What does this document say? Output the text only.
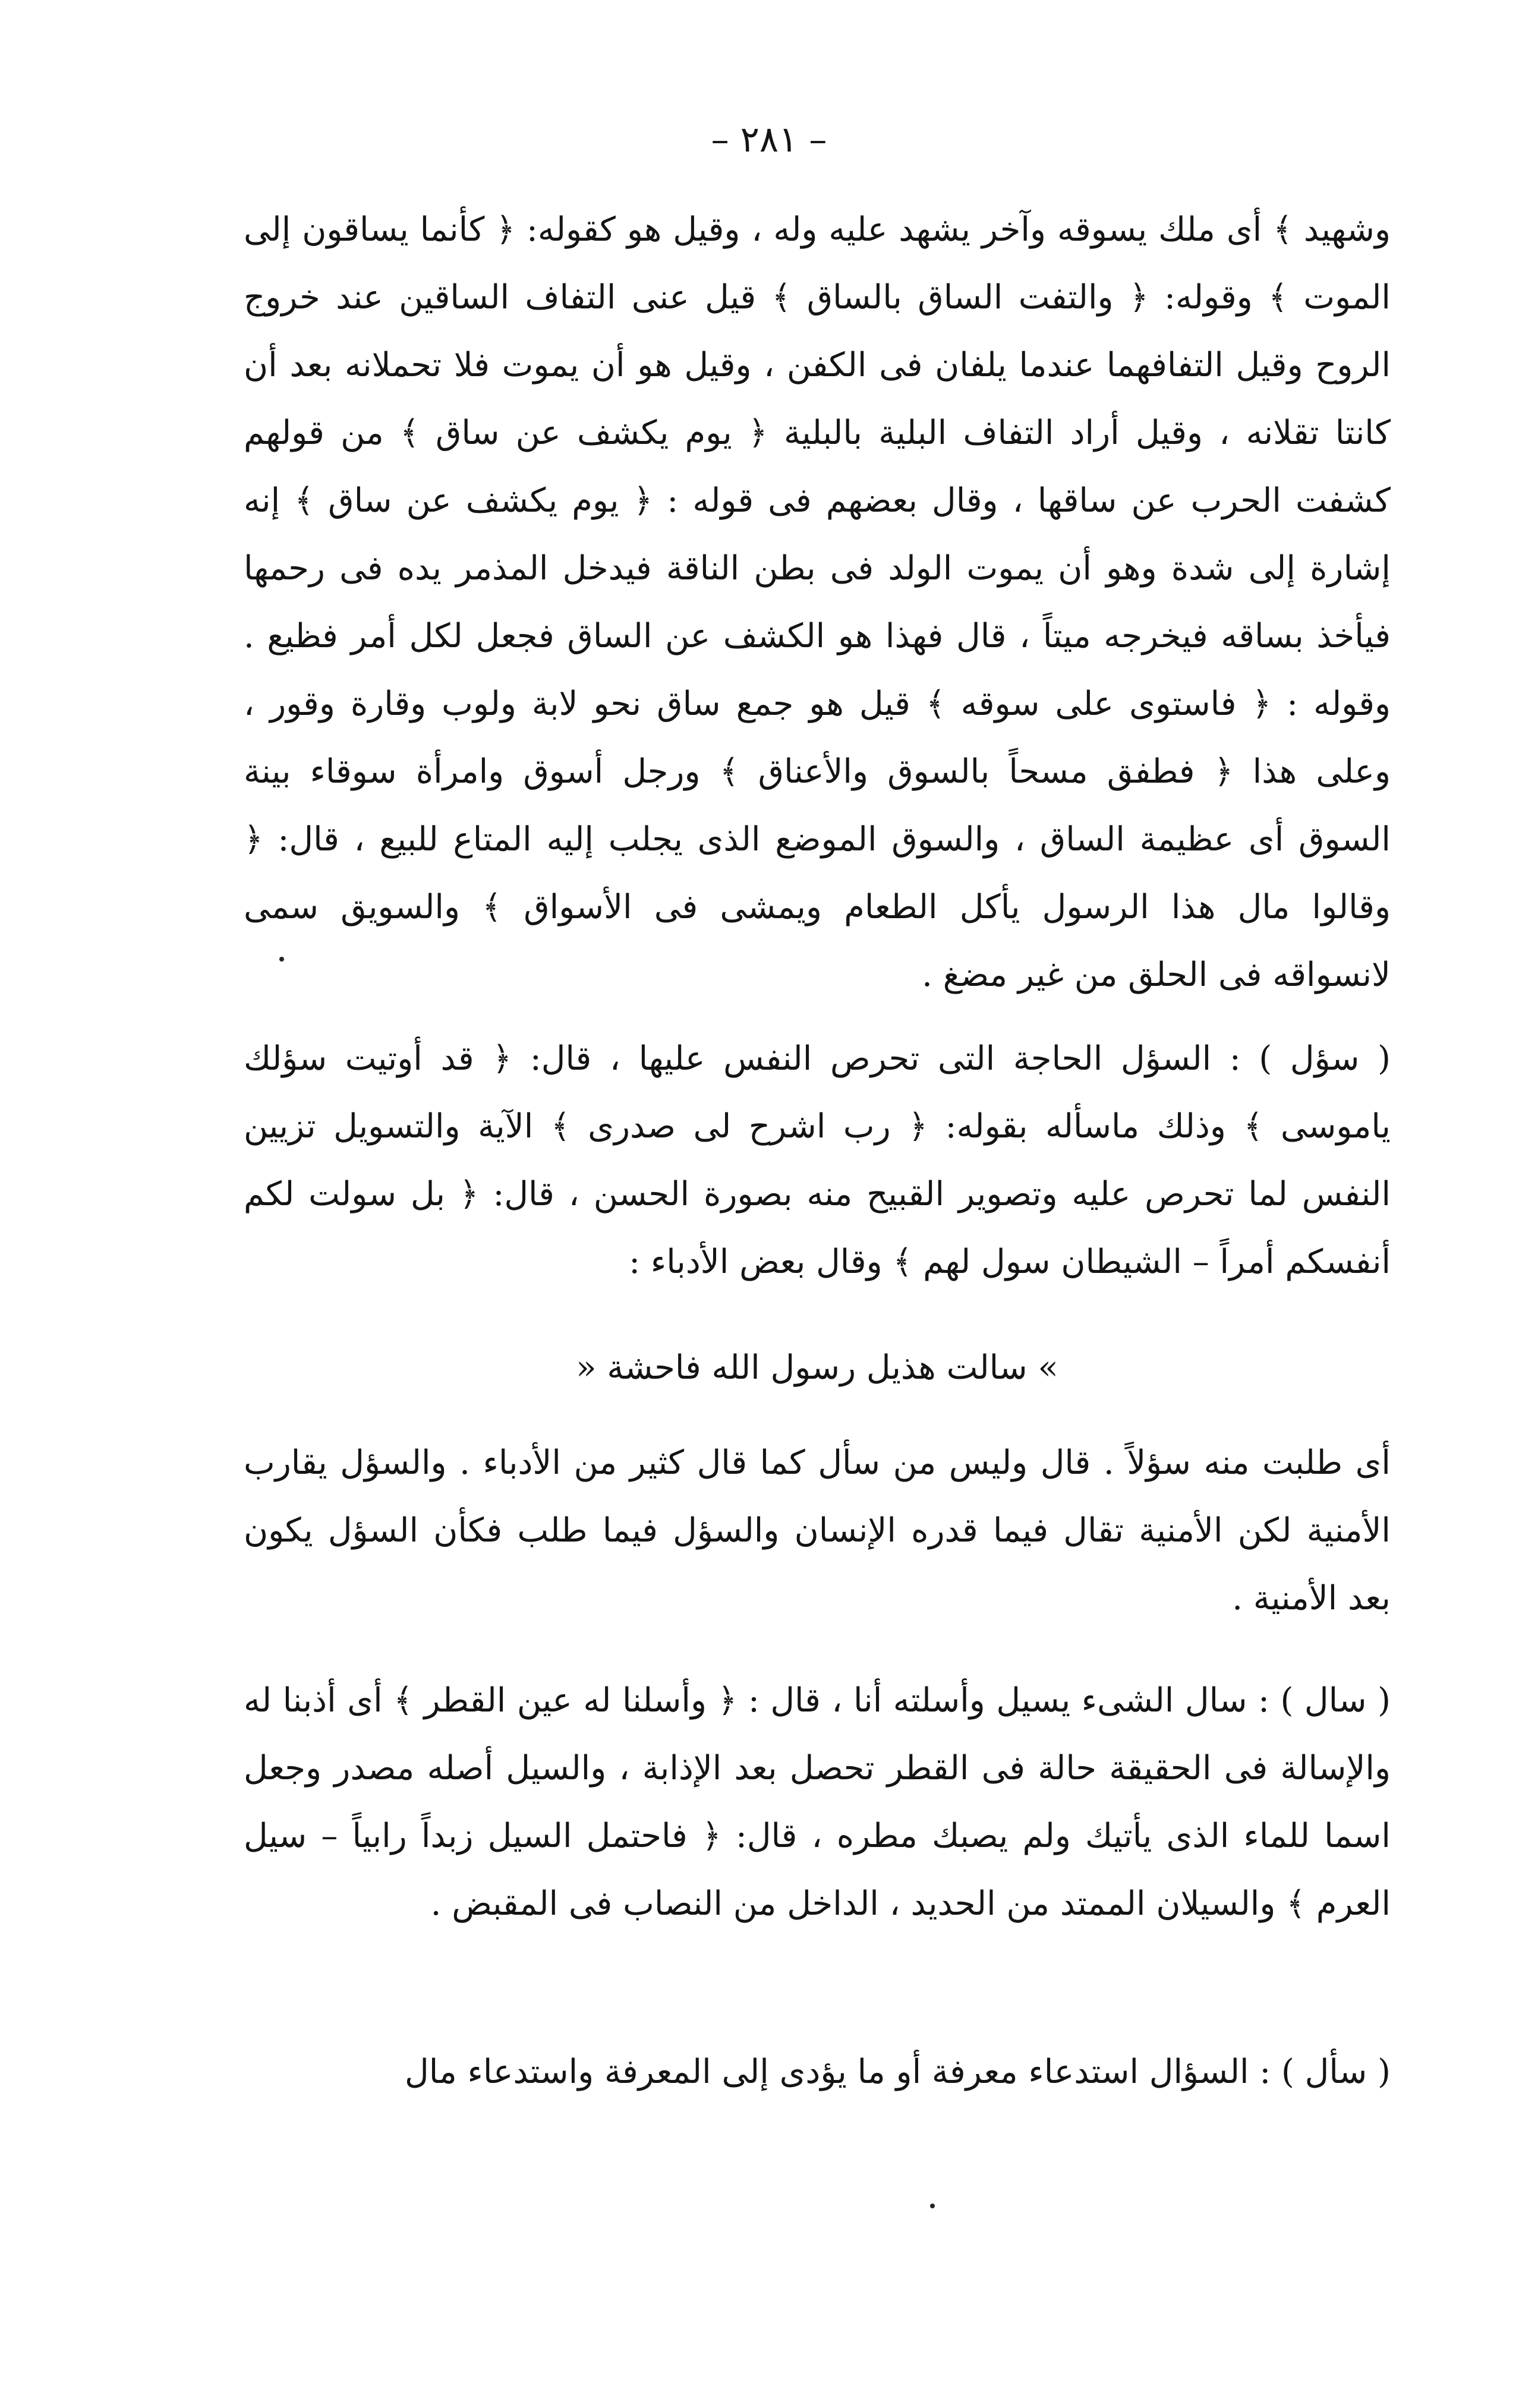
– ٢٨١ –

وشهيد ﴾ أى ملك يسوقه وآخر يشهد عليه وله ، وقيل هو كقوله: ﴿ كأنما يساقون إلى الموت ﴾ وقوله: ﴿ والتفت الساق بالساق ﴾ قيل عنى التفاف الساقين عند خروج الروح وقيل التفافهما عندما يلفان فى الكفن ، وقيل هو أن يموت فلا تحملانه بعد أن كانتا تقلانه ، وقيل أراد التفاف البلية بالبلية ﴿ يوم يكشف عن ساق ﴾ من قولهم كشفت الحرب عن ساقها ، وقال بعضهم فى قوله : ﴿ يوم يكشف عن ساق ﴾ إنه إشارة إلى شدة وهو أن يموت الولد فى بطن الناقة فيدخل المذمر يده فى رحمها فيأخذ بساقه فيخرجه ميتاً ، قال فهذا هو الكشف عن الساق فجعل لكل أمر فظيع . وقوله : ﴿ فاستوى على سوقه ﴾ قيل هو جمع ساق نحو لابة ولوب وقارة وقور ، وعلى هذا ﴿ فطفق مسحاً بالسوق والأعناق ﴾ ورجل أسوق وامرأة سوقاء بينة السوق أى عظيمة الساق ، والسوق الموضع الذى يجلب إليه المتاع للبيع ، قال: ﴿ وقالوا مال هذا الرسول يأكل الطعام ويمشى فى الأسواق ﴾ والسويق سمى لانسواقه فى الحلق من غير مضغ .

( سؤل ) : السؤل الحاجة التى تحرص النفس عليها ، قال: ﴿ قد أوتيت سؤلك ياموسى ﴾ وذلك ماسأله بقوله: ﴿ رب اشرح لى صدرى ﴾ الآية والتسويل تزيين النفس لما تحرص عليه وتصوير القبيح منه بصورة الحسن ، قال: ﴿ بل سولت لكم أنفسكم أمراً – الشيطان سول لهم ﴾ وقال بعض الأدباء :

» سالت هذيل رسول الله فاحشة «

أى طلبت منه سؤلاً . قال وليس من سأل كما قال كثير من الأدباء . والسؤل يقارب الأمنية لكن الأمنية تقال فيما قدره الإنسان والسؤل فيما طلب فكأن السؤل يكون بعد الأمنية .

( سال ) : سال الشىء يسيل وأسلته أنا ، قال : ﴿ وأسلنا له عين القطر ﴾ أى أذبنا له والإسالة فى الحقيقة حالة فى القطر تحصل بعد الإذابة ، والسيل أصله مصدر وجعل اسما للماء الذى يأتيك ولم يصبك مطره ، قال: ﴿ فاحتمل السيل زبداً رابياً – سيل العرم ﴾ والسيلان الممتد من الحديد ، الداخل من النصاب فى المقبض .

( سأل ) : السؤال استدعاء معرفة أو ما يؤدى إلى المعرفة واستدعاء مال
